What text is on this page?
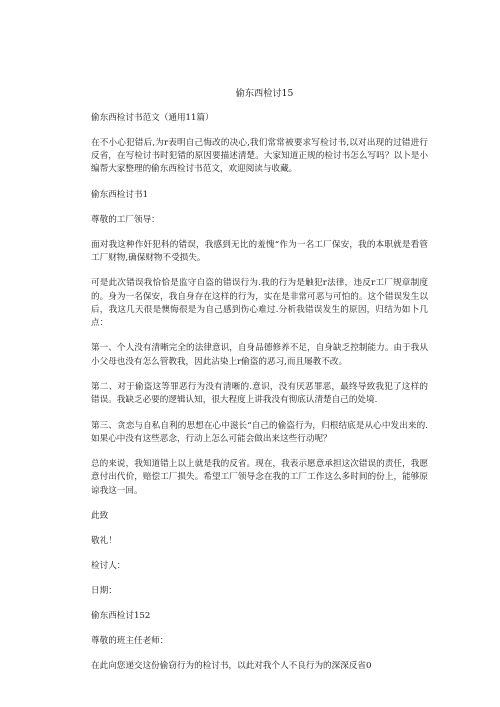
偷东西检讨15
偷东西检讨书范文（通用11篇）
在不小心犯错后,为r表明自己悔改的决心,我们常常被要求写检讨书,以对出现的过错进行反省，在写检讨书时犯错的原因要描述清楚。大家知道正规的检讨书怎么写吗？以卜是小编帮大家整理的偷东西检讨书范文，欢迎阅读与收藏。
偷东西检讨书1
尊敬的工厂领导：
面对我这种作奸犯科的错误，我感到无比的羞愧“作为一名工厂保安，我的本职就是看管工厂财物,确保财物不受损失。
可是此次错误我恰恰是监守自盗的错误行为.我的行为是触犯r法律，违反r工厂规章制度的。身为一名保安，我自身存在这样的行为，实在是非常可恶与可怕的。这个错误发生以后，我这几天很是懊悔很是为自己感到伤心难过.分析我错误发生的原因，归结为如卜几点：
第一、个人没有清晰完全的法律意识，自身品德修养不足，自身缺乏控制能力。由于我从小父母也没有怎么管教我，因此沾染上r偷盗的恶习,而且屡教不改。
第二、对于偷盗这等罪恶行为没有清晰的.意识，没有厌恶罪恶，最终导致我犯了这样的错误。我缺乏必要的逻辑认知，很大程度上讲我没有彻底认清楚自己的处境.
第三、贪恋与自私自利的思想在心中滋长“自己的偷盗行为，归根结底是从心中发出来的.如果心中没有这些恶念，行动上怎么可能会做出来这些行动呢？
总的来说，我知道错上以上就是我的反省。现在，我表示愿意承担这次错误的责任，我愿意付出代价，赔偿工厂损失。希望工厂领导念在我的工厂工作这么多时间的份上，能够原谅我这一回。
此致
敬礼！
检讨人：
日期：
偷东西检讨152
尊敬的班主任老师：
在此向您递交这份偷窃行为的检讨书，以此对我个人不良行为的深深反省0
